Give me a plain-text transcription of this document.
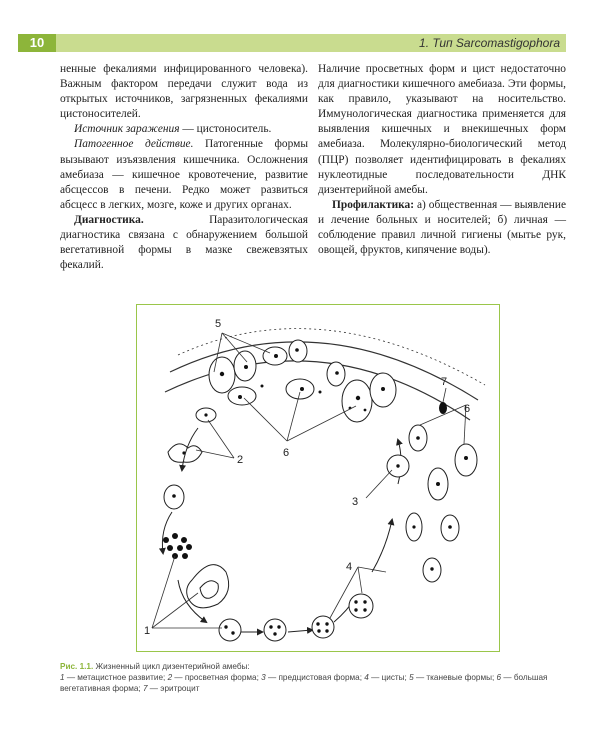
10	1. Тип Sarcomastigophora

ненные фекалиями инфицированного человека). Важным фактором передачи служит вода из открытых источников, загрязненных фекалиями цистоносителей.

Источник заражения — цистоноситель.

Патогенное действие. Патогенные формы вызывают изъязвления кишечника. Осложнения амебиаза — кишечное кровотечение, развитие абсцессов в печени. Редко может развиться абсцесс в легких, мозге, коже и других органах.

Диагностика. Паразитологическая диагностика связана с обнаружением большой вегетативной формы в мазке свежевзятых фекалий.

Наличие просветных форм и цист недостаточно для диагностики кишечного амебиаза. Эти формы, как правило, указывают на носительство. Иммунологическая диагностика применяется для выявления кишечных и внекишечных форм амебиаза. Молекулярно-биологический метод (ПЦР) позволяет идентифицировать в фекалиях нуклеотидные последовательности ДНК дизентерийной амебы.

Профилактика: а) общественная — выявление и лечение больных и носителей; б) личная — соблюдение правил личной гигиены (мытье рук, овощей, фруктов, кипячение воды).

5
2
6
3
4
1
7
6
Рис. 1.1. Жизненный цикл дизентерийной амебы:
1 — метацистное развитие; 2 — просветная форма; 3 — предцистовая форма; 4 — цисты; 5 — тканевые формы; 6 — большая вегетативная форма; 7 — эритроцит
